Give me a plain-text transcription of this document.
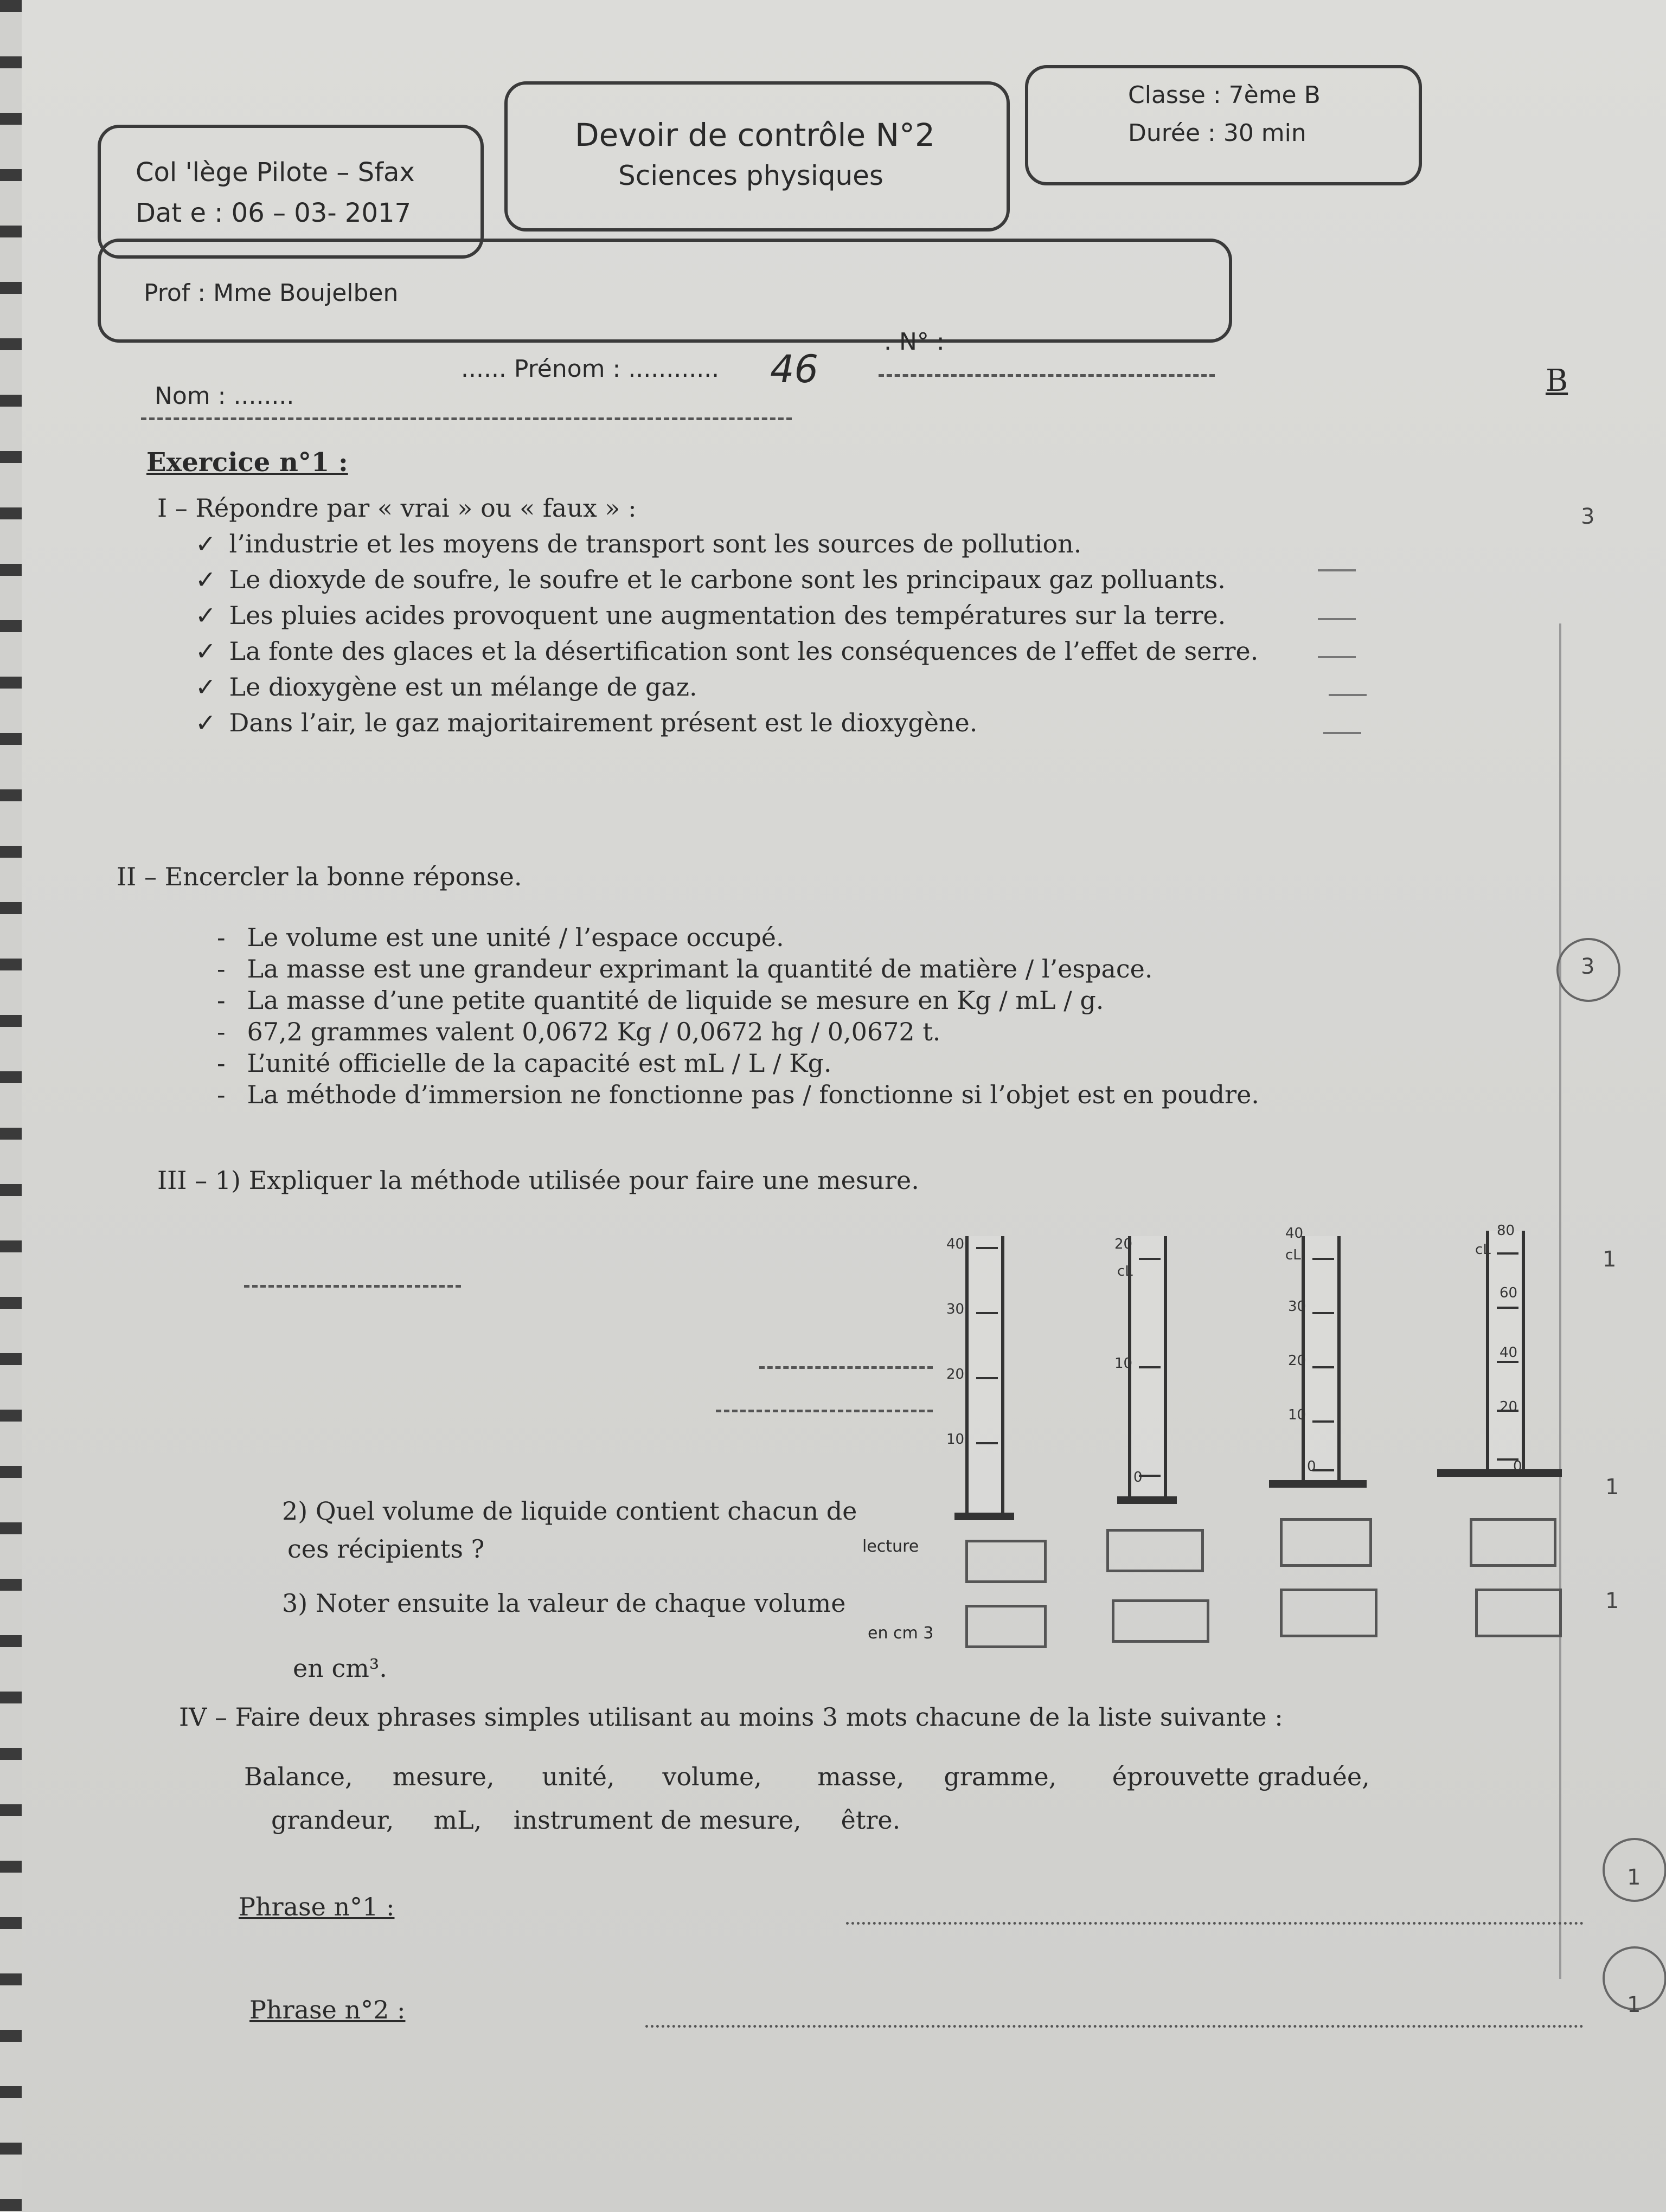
Col 'lège Pilote – Sfax
Dat e : 06 – 03- 2017
Devoir de contrôle N°2
Sciences physiques
Classe : 7ème B
Durée : 30 min
Prof : Mme Boujelben
Nom : ........
...... Prénom : ............ 46
. N° :
B
Exercice n°1 :
I – Répondre par « vrai » ou « faux » :
✓ l’industrie et les moyens de transport sont les sources de pollution.
✓ Le dioxyde de soufre, le soufre et le carbone sont les principaux gaz polluants.
✓ Les pluies acides provoquent une augmentation des températures sur la terre.
✓ La fonte des glaces et la désertification sont les conséquences de l’effet de serre.
✓ Le dioxygène est un mélange de gaz.
✓ Dans l’air, le gaz majoritairement présent est le dioxygène.
3
II – Encercler la bonne réponse.
- Le volume est une unité / l’espace occupé.
- La masse est une grandeur exprimant la quantité de matière / l’espace.
- La masse d’une petite quantité de liquide se mesure en Kg / mL / g.
- 67,2 grammes valent 0,0672 Kg / 0,0672 hg / 0,0672 t.
- L’unité officielle de la capacité est mL / L / Kg.
- La méthode d’immersion ne fonctionne pas / fonctionne si l’objet est en poudre.
3
III – 1) Expliquer la méthode utilisée pour faire une mesure.
2) Quel volume de liquide contient chacun de
ces récipients ?
3) Noter ensuite la valeur de chaque volume
en cm³.
lecture
en cm 3
40
30
20
10
cL
20
10
0
cL
40
30
20
10
0
cL
80
60
40
20
0
1
1
1
IV – Faire deux phrases simples utilisant au moins 3 mots chacune de la liste suivante :
Balance,     mesure,      unité,      volume,       masse,     gramme,       éprouvette graduée,
grandeur,     mL,    instrument de mesure,     être.
Phrase n°1 :
Phrase n°2 :
1
1
